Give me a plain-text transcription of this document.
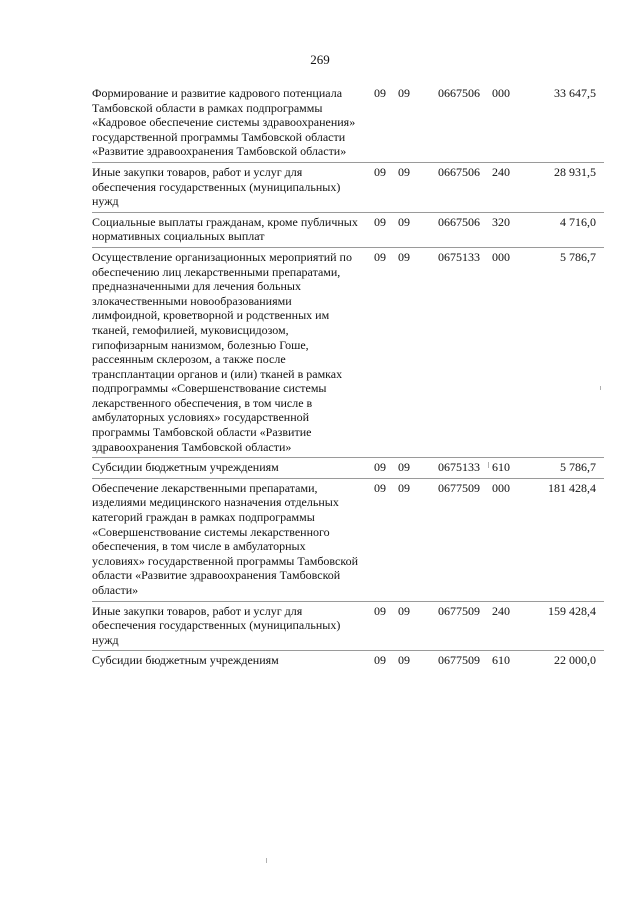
269
Формирование и развитие кадрового потенциала Тамбовской области в рамках подпрограммы «Кадровое обеспечение системы здравоохранения» государственной программы Тамбовской области «Развитие здравоохранения Тамбовской области»
09 09 0667506 000	33 647,5
Иные закупки товаров, работ и услуг для обеспечения государственных (муниципальных) нужд
09 09 0667506 240	28 931,5
Социальные выплаты гражданам, кроме публичных нормативных социальных выплат
09 09 0667506 320	4 716,0
Осуществление организационных мероприятий по обеспечению лиц лекарственными препаратами, предназначенными для лечения больных злокачественными новообразованиями лимфоидной, кроветворной и родственных им тканей, гемофилией, муковисцидозом, гипофизарным нанизмом, болезнью Гоше, рассеянным склерозом, а также после трансплантации органов и (или) тканей в рамках подпрограммы «Совершенствование системы лекарственного обеспечения, в том числе в амбулаторных условиях» государственной программы Тамбовской области «Развитие здравоохранения Тамбовской области»
09 09 0675133 000	5 786,7
Субсидии бюджетным учреждениям	09 09 0675133 610	5 786,7
Обеспечение лекарственными препаратами, изделиями медицинского назначения отдельных категорий граждан в рамках подпрограммы «Совершенствование системы лекарственного обеспечения, в том числе в амбулаторных условиях» государственной программы Тамбовской области «Развитие здравоохранения Тамбовской области»
09 09 0677509 000	181 428,4
Иные закупки товаров, работ и услуг для обеспечения государственных (муниципальных) нужд
09 09 0677509 240	159 428,4
Субсидии бюджетным учреждениям	09 09 0677509 610	22 000,0
